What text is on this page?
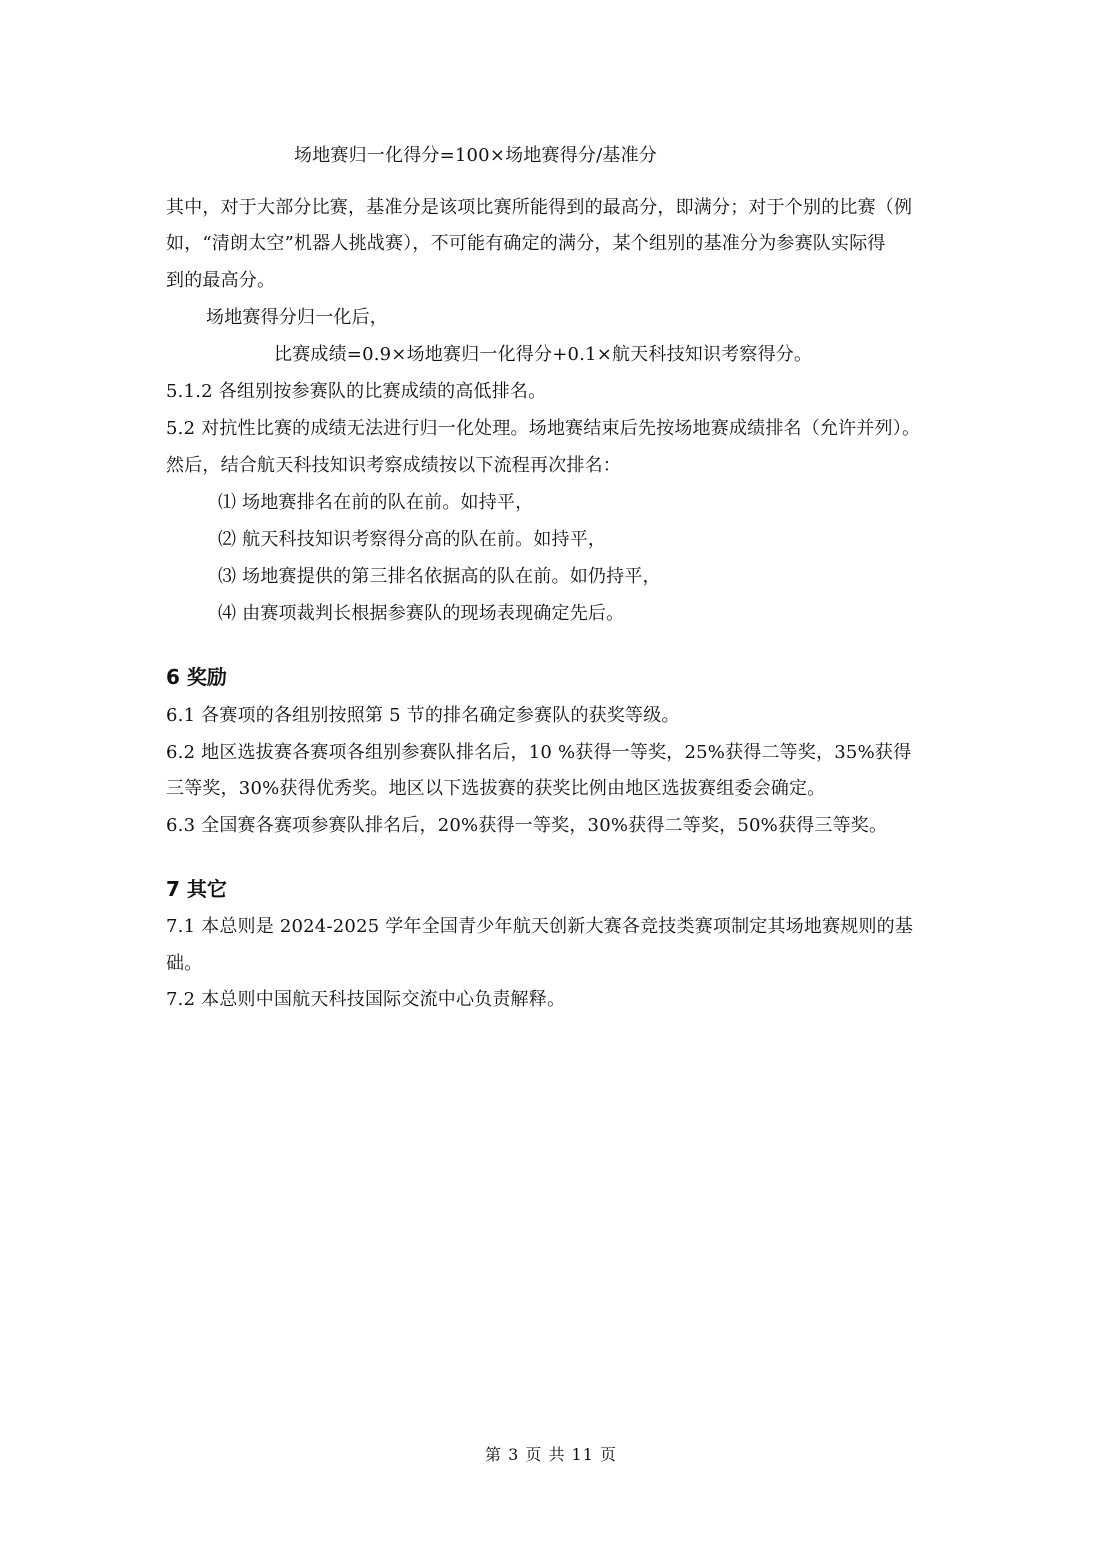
场地赛归一化得分=100×场地赛得分/基准分
其中，对于大部分比赛，基准分是该项比赛所能得到的最高分，即满分；对于个别的比赛（例
如，“清朗太空”机器人挑战赛），不可能有确定的满分，某个组别的基准分为参赛队实际得
到的最高分。
场地赛得分归一化后，
比赛成绩=0.9×场地赛归一化得分+0.1×航天科技知识考察得分。
5.1.2 各组别按参赛队的比赛成绩的高低排名。
5.2 对抗性比赛的成绩无法进行归一化处理。场地赛结束后先按场地赛成绩排名（允许并列）。
然后，结合航天科技知识考察成绩按以下流程再次排名：
⑴ 场地赛排名在前的队在前。如持平，
⑵ 航天科技知识考察得分高的队在前。如持平，
⑶ 场地赛提供的第三排名依据高的队在前。如仍持平，
⑷ 由赛项裁判长根据参赛队的现场表现确定先后。
6 奖励
6.1 各赛项的各组别按照第 5 节的排名确定参赛队的获奖等级。
6.2 地区选拔赛各赛项各组别参赛队排名后，10 %获得一等奖，25%获得二等奖，35%获得
三等奖，30%获得优秀奖。地区以下选拔赛的获奖比例由地区选拔赛组委会确定。
6.3 全国赛各赛项参赛队排名后，20%获得一等奖，30%获得二等奖，50%获得三等奖。
7 其它
7.1 本总则是 2024-2025 学年全国青少年航天创新大赛各竞技类赛项制定其场地赛规则的基
础。
7.2 本总则中国航天科技国际交流中心负责解释。
第 3 页 共 11 页
